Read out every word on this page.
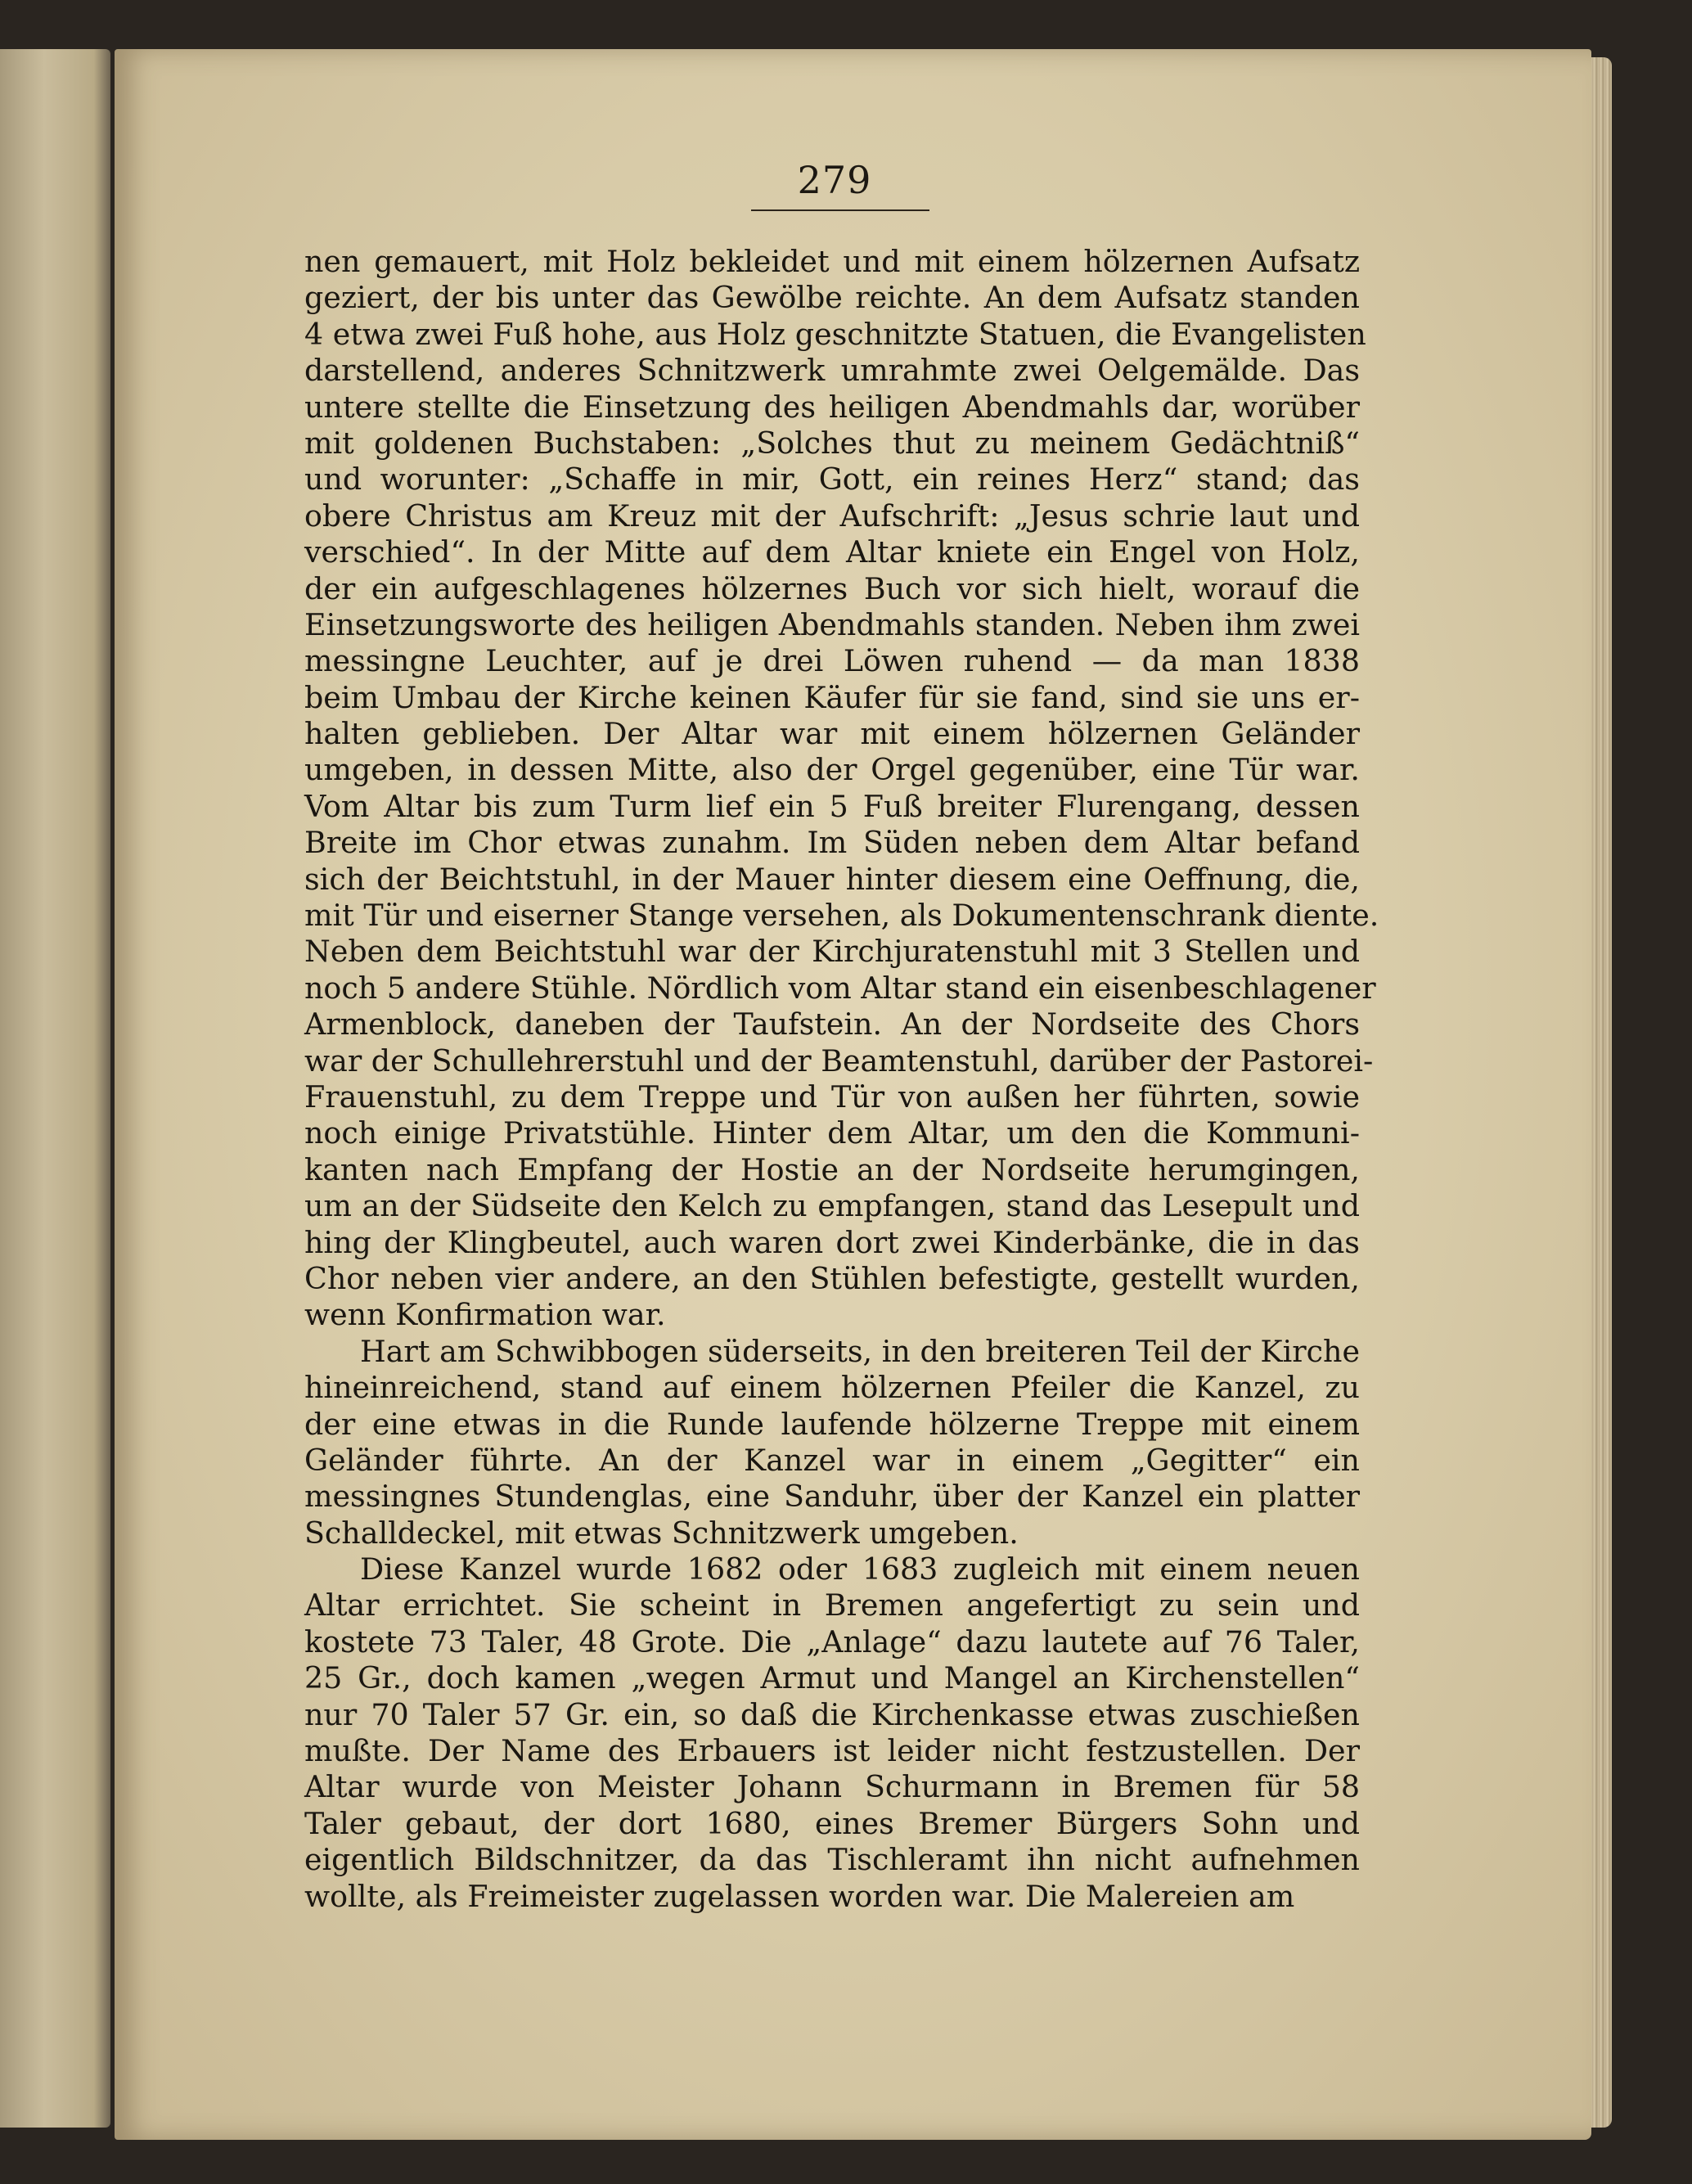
279
nen gemauert, mit Holz bekleidet und mit einem hölzernen Aufsatz
geziert, der bis unter das Gewölbe reichte. An dem Aufsatz standen
4 etwa zwei Fuß hohe, aus Holz geschnitzte Statuen, die Evangelisten
darstellend, anderes Schnitzwerk umrahmte zwei Oelgemälde. Das
untere stellte die Einsetzung des heiligen Abendmahls dar, worüber
mit goldenen Buchstaben: „Solches thut zu meinem Gedächtniß“
und worunter: „Schaffe in mir, Gott, ein reines Herz“ stand; das
obere Christus am Kreuz mit der Aufschrift: „Jesus schrie laut und
verschied“. In der Mitte auf dem Altar kniete ein Engel von Holz,
der ein aufgeschlagenes hölzernes Buch vor sich hielt, worauf die
Einsetzungsworte des heiligen Abendmahls standen. Neben ihm zwei
messingne Leuchter, auf je drei Löwen ruhend — da man 1838
beim Umbau der Kirche keinen Käufer für sie fand, sind sie uns er-
halten geblieben. Der Altar war mit einem hölzernen Geländer
umgeben, in dessen Mitte, also der Orgel gegenüber, eine Tür war.
Vom Altar bis zum Turm lief ein 5 Fuß breiter Flurengang, dessen
Breite im Chor etwas zunahm. Im Süden neben dem Altar befand
sich der Beichtstuhl, in der Mauer hinter diesem eine Oeffnung, die,
mit Tür und eiserner Stange versehen, als Dokumentenschrank diente.
Neben dem Beichtstuhl war der Kirchjuratenstuhl mit 3 Stellen und
noch 5 andere Stühle. Nördlich vom Altar stand ein eisenbeschlagener
Armenblock, daneben der Taufstein. An der Nordseite des Chors
war der Schullehrerstuhl und der Beamtenstuhl, darüber der Pastorei-
Frauenstuhl, zu dem Treppe und Tür von außen her führten, sowie
noch einige Privatstühle. Hinter dem Altar, um den die Kommuni-
kanten nach Empfang der Hostie an der Nordseite herumgingen,
um an der Südseite den Kelch zu empfangen, stand das Lesepult und
hing der Klingbeutel, auch waren dort zwei Kinderbänke, die in das
Chor neben vier andere, an den Stühlen befestigte, gestellt wurden,
wenn Konfirmation war.
Hart am Schwibbogen süderseits, in den breiteren Teil der Kirche
hineinreichend, stand auf einem hölzernen Pfeiler die Kanzel, zu
der eine etwas in die Runde laufende hölzerne Treppe mit einem
Geländer führte. An der Kanzel war in einem „Gegitter“ ein
messingnes Stundenglas, eine Sanduhr, über der Kanzel ein platter
Schalldeckel, mit etwas Schnitzwerk umgeben.
Diese Kanzel wurde 1682 oder 1683 zugleich mit einem neuen
Altar errichtet. Sie scheint in Bremen angefertigt zu sein und
kostete 73 Taler, 48 Grote. Die „Anlage“ dazu lautete auf 76 Taler,
25 Gr., doch kamen „wegen Armut und Mangel an Kirchenstellen“
nur 70 Taler 57 Gr. ein, so daß die Kirchenkasse etwas zuschießen
mußte. Der Name des Erbauers ist leider nicht festzustellen. Der
Altar wurde von Meister Johann Schurmann in Bremen für 58
Taler gebaut, der dort 1680, eines Bremer Bürgers Sohn und
eigentlich Bildschnitzer, da das Tischleramt ihn nicht aufnehmen
wollte, als Freimeister zugelassen worden war. Die Malereien am
